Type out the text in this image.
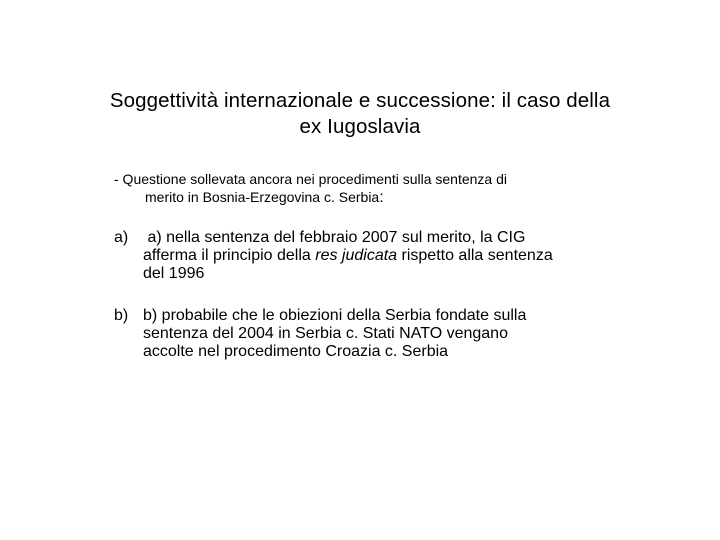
Soggettività internazionale e successione: il caso della
ex Iugoslavia
- Questione sollevata ancora nei procedimenti sulla sentenza di
merito in Bosnia-Erzegovina c. Serbia:
a) a) nella sentenza del febbraio 2007 sul merito, la CIG
afferma il principio della res judicata rispetto alla sentenza
del 1996
b) b) probabile che le obiezioni della Serbia fondate sulla
sentenza del 2004 in Serbia c. Stati NATO vengano
accolte nel procedimento Croazia c. Serbia
